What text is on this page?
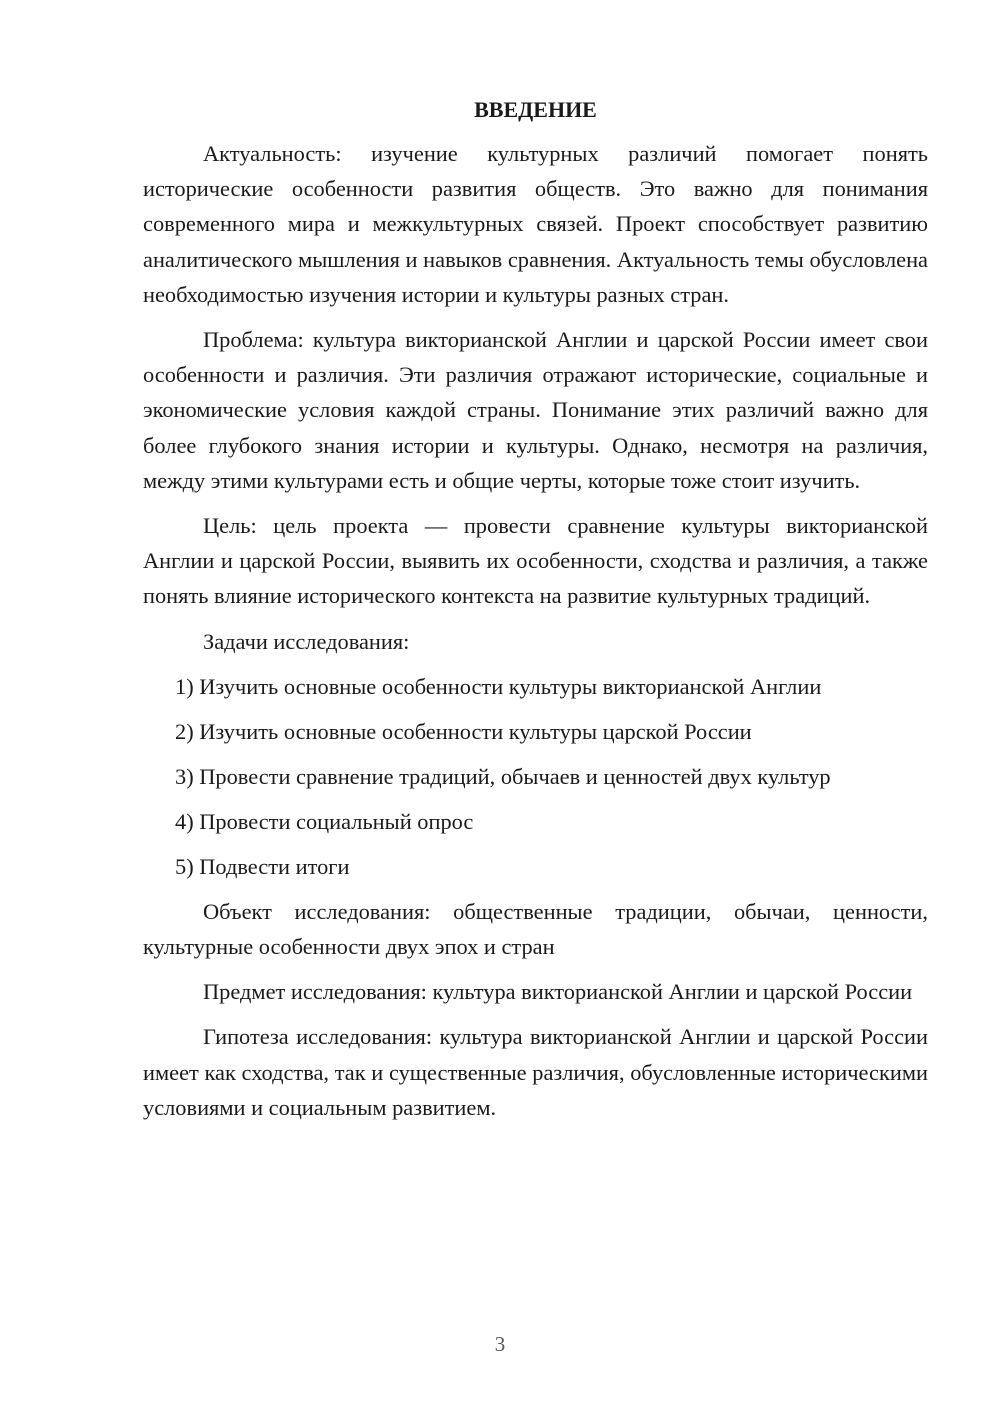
ВВЕДЕНИЕ

Актуальность: изучение культурных различий помогает понять исторические особенности развития обществ. Это важно для понимания современного мира и межкультурных связей. Проект способствует развитию аналитического мышления и навыков сравнения. Актуальность темы обусловлена необходимостью изучения истории и культуры разных стран.

Проблема: культура викторианской Англии и царской России имеет свои особенности и различия. Эти различия отражают исторические, социальные и экономические условия каждой страны. Понимание этих различий важно для более глубокого знания истории и культуры. Однако, несмотря на различия, между этими культурами есть и общие черты, которые тоже стоит изучить.

Цель: цель проекта — провести сравнение культуры викторианской Англии и царской России, выявить их особенности, сходства и различия, а также понять влияние исторического контекста на развитие культурных традиций.

Задачи исследования:

1) Изучить основные особенности культуры викторианской Англии
2) Изучить основные особенности культуры царской России
3) Провести сравнение традиций, обычаев и ценностей двух культур
4) Провести социальный опрос
5) Подвести итоги

Объект исследования: общественные традиции, обычаи, ценности, культурные особенности двух эпох и стран

Предмет исследования: культура викторианской Англии и царской России

Гипотеза исследования: культура викторианской Англии и царской России имеет как сходства, так и существенные различия, обусловленные историческими условиями и социальным развитием.

3
